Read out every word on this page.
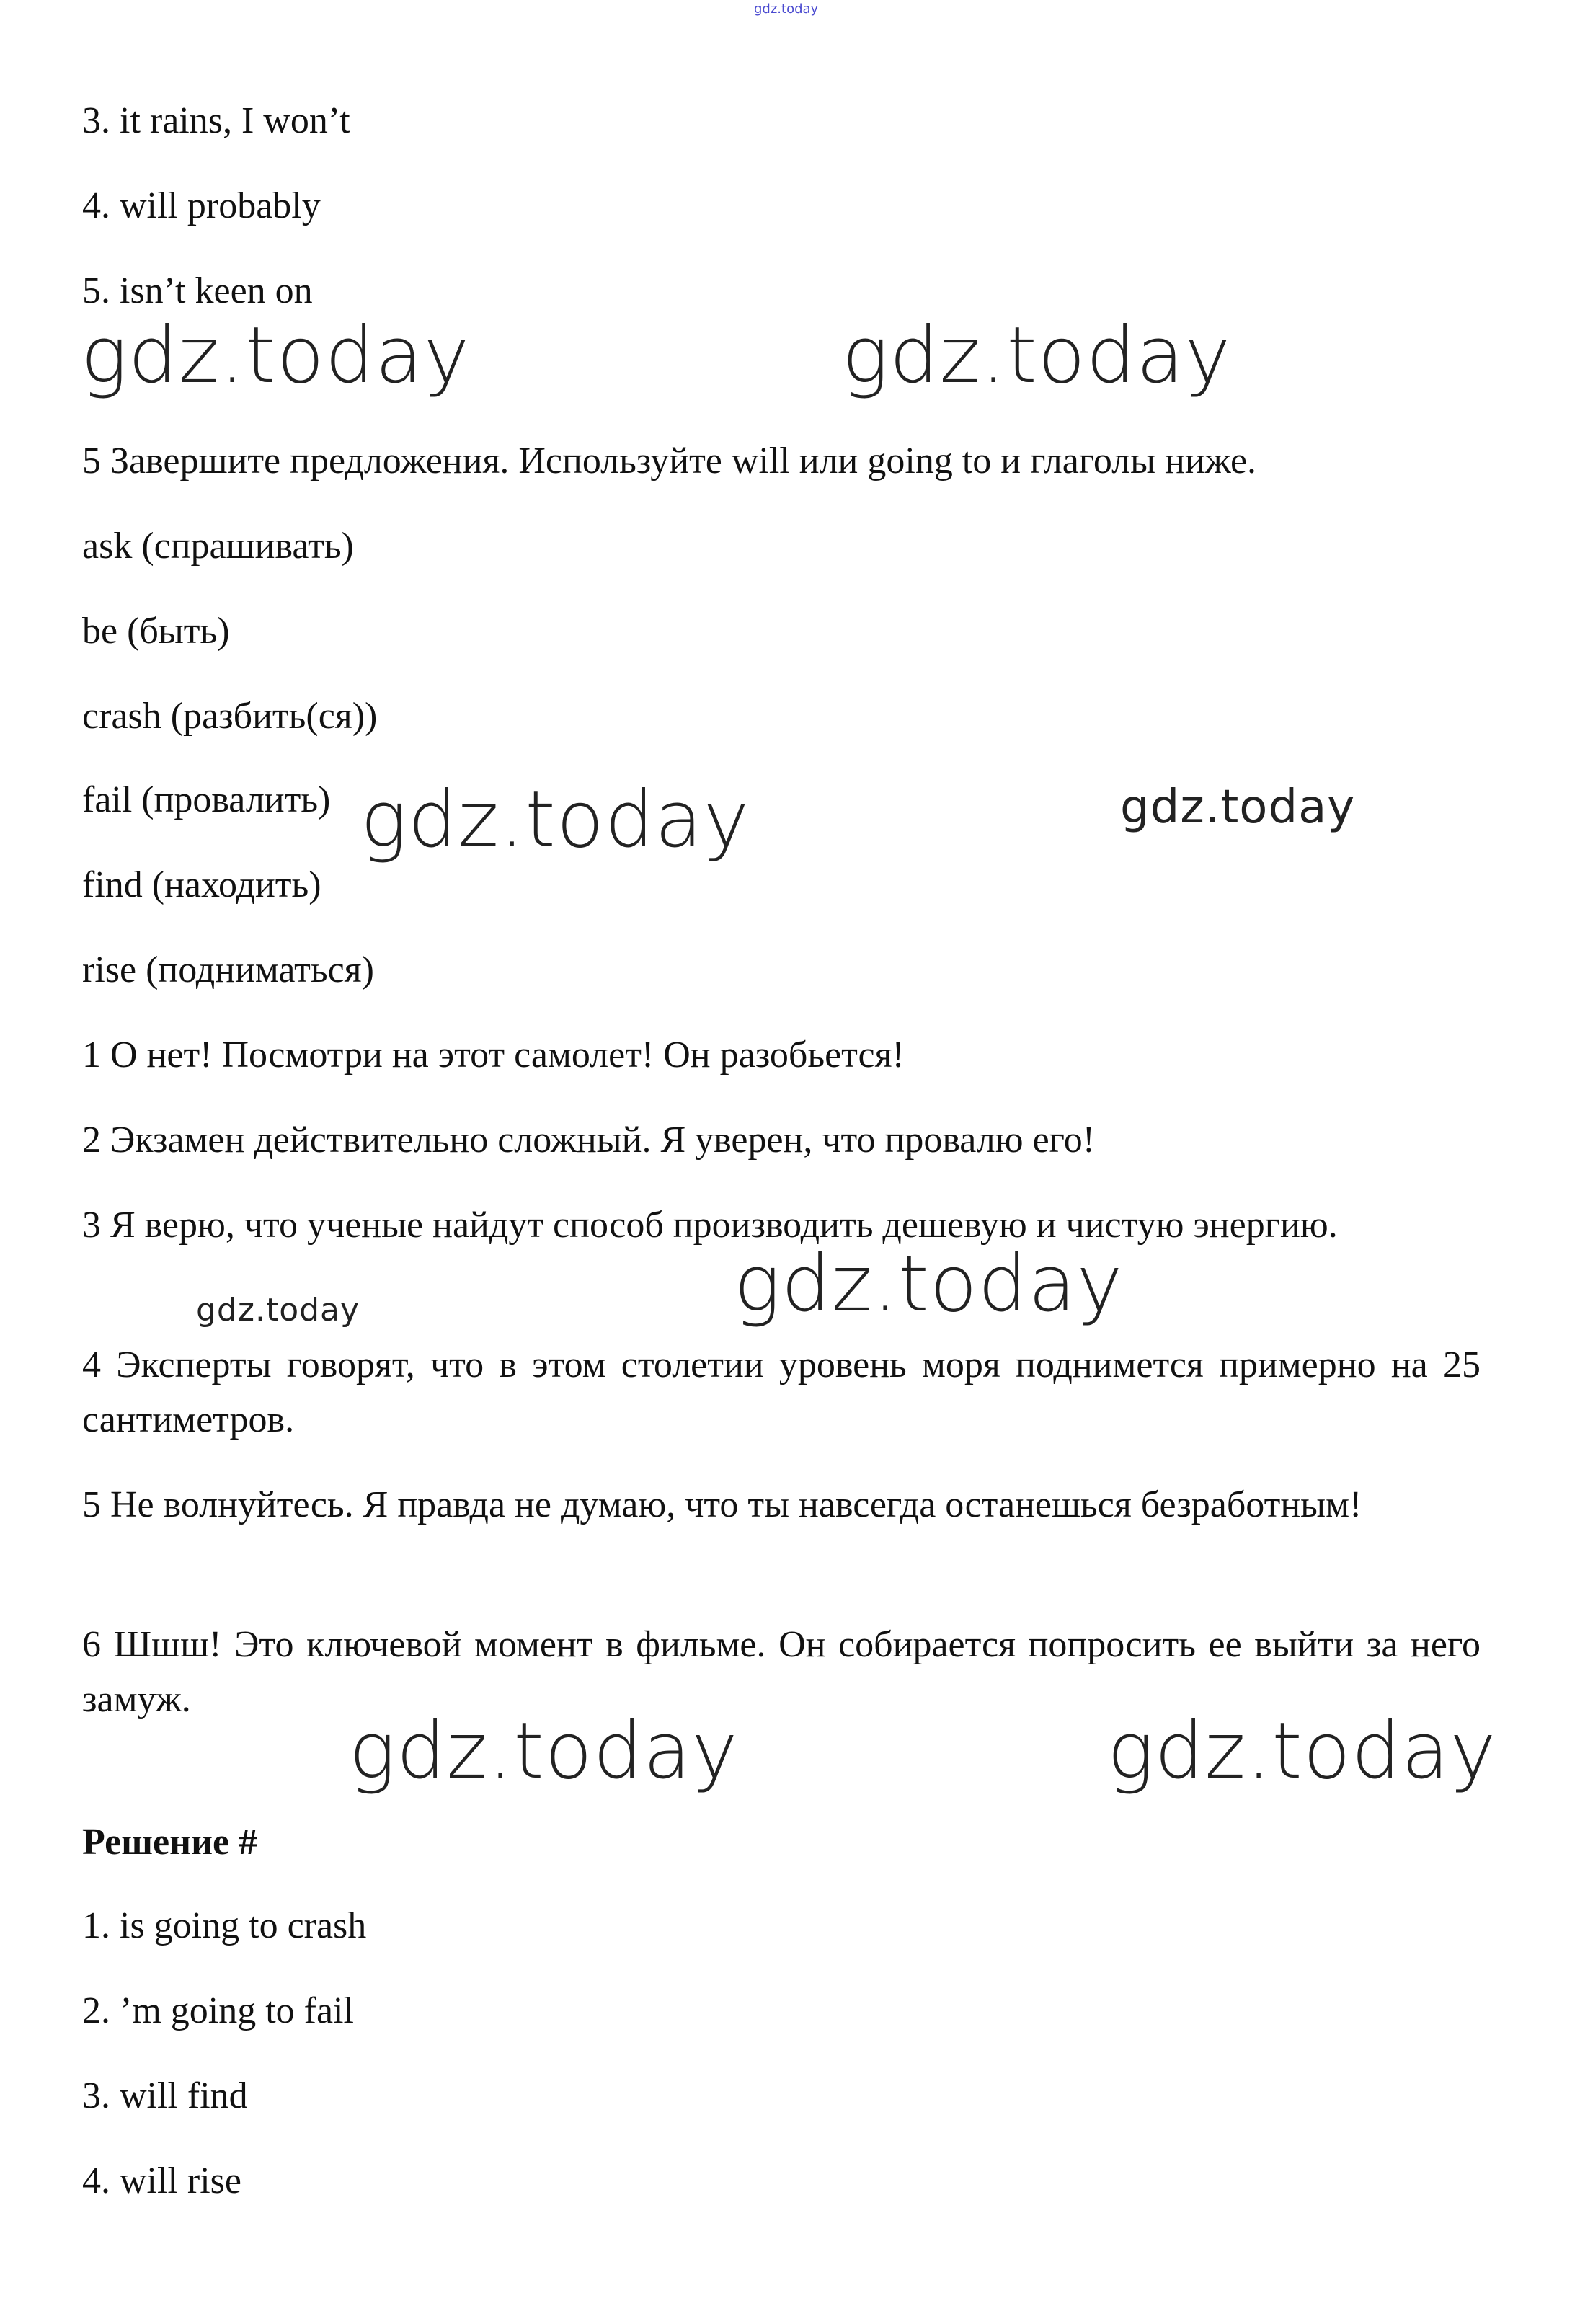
gdz.today
3. it rains, I won’t
4. will probably
5. isn’t keen on
gdz.today	gdz.today
5 Завершите предложения. Используйте will или going to и глаголы ниже.
ask (спрашивать)
be (быть)
crash (разбить(ся))
fail (провалить)
find (находить)
rise (подниматься)
gdz.today	gdz.today
1 О нет! Посмотри на этот самолет! Он разобьется!
2 Экзамен действительно сложный. Я уверен, что провалю его!
3 Я верю, что ученые найдут способ производить дешевую и чистую энергию.
gdz.today	gdz.today
4 Эксперты говорят, что в этом столетии уровень моря поднимется примерно на 25 сантиметров.
5 Не волнуйтесь. Я правда не думаю, что ты навсегда останешься безработным!
6 Шшш! Это ключевой момент в фильме. Он собирается попросить ее выйти за него замуж.
gdz.today	gdz.today
Решение #
1. is going to crash
2. ’m going to fail
3. will find
4. will rise
